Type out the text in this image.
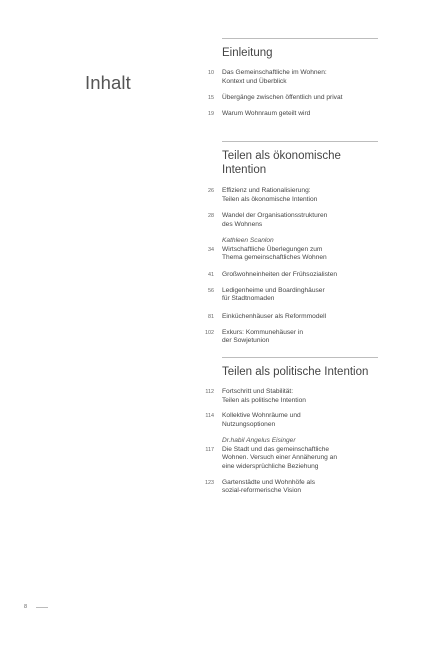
Inhalt
Einleitung
10 Das Gemeinschaftliche im Wohnen:
Kontext und Überblick
15 Übergänge zwischen öffentlich und privat
19 Warum Wohnraum geteilt wird
Teilen als ökonomische Intention
26 Effizienz und Rationalisierung:
Teilen als ökonomische Intention
28 Wandel der Organisationsstrukturen
des Wohnens
34
Kathleen Scanlon
Wirtschaftliche Überlegungen zum
Thema gemeinschaftliches Wohnen
41 Großwohneinheiten der Frühsozialisten
56 Ledigenheime und Boardinghäuser
für Stadtnomaden
81 Einküchenhäuser als Reformmodell
102 Exkurs: Kommunehäuser in
der Sowjetunion
Teilen als politische Intention
112 Fortschritt und Stabilität:
Teilen als politische Intention
114 Kollektive Wohnräume und
Nutzungsoptionen
117
Dr.habil Angelus Eisinger
Die Stadt und das gemeinschaftliche
Wohnen. Versuch einer Annäherung an
eine widersprüchliche Beziehung
123 Gartenstädte und Wohnhöfe als
sozial-reformerische Vision
8
